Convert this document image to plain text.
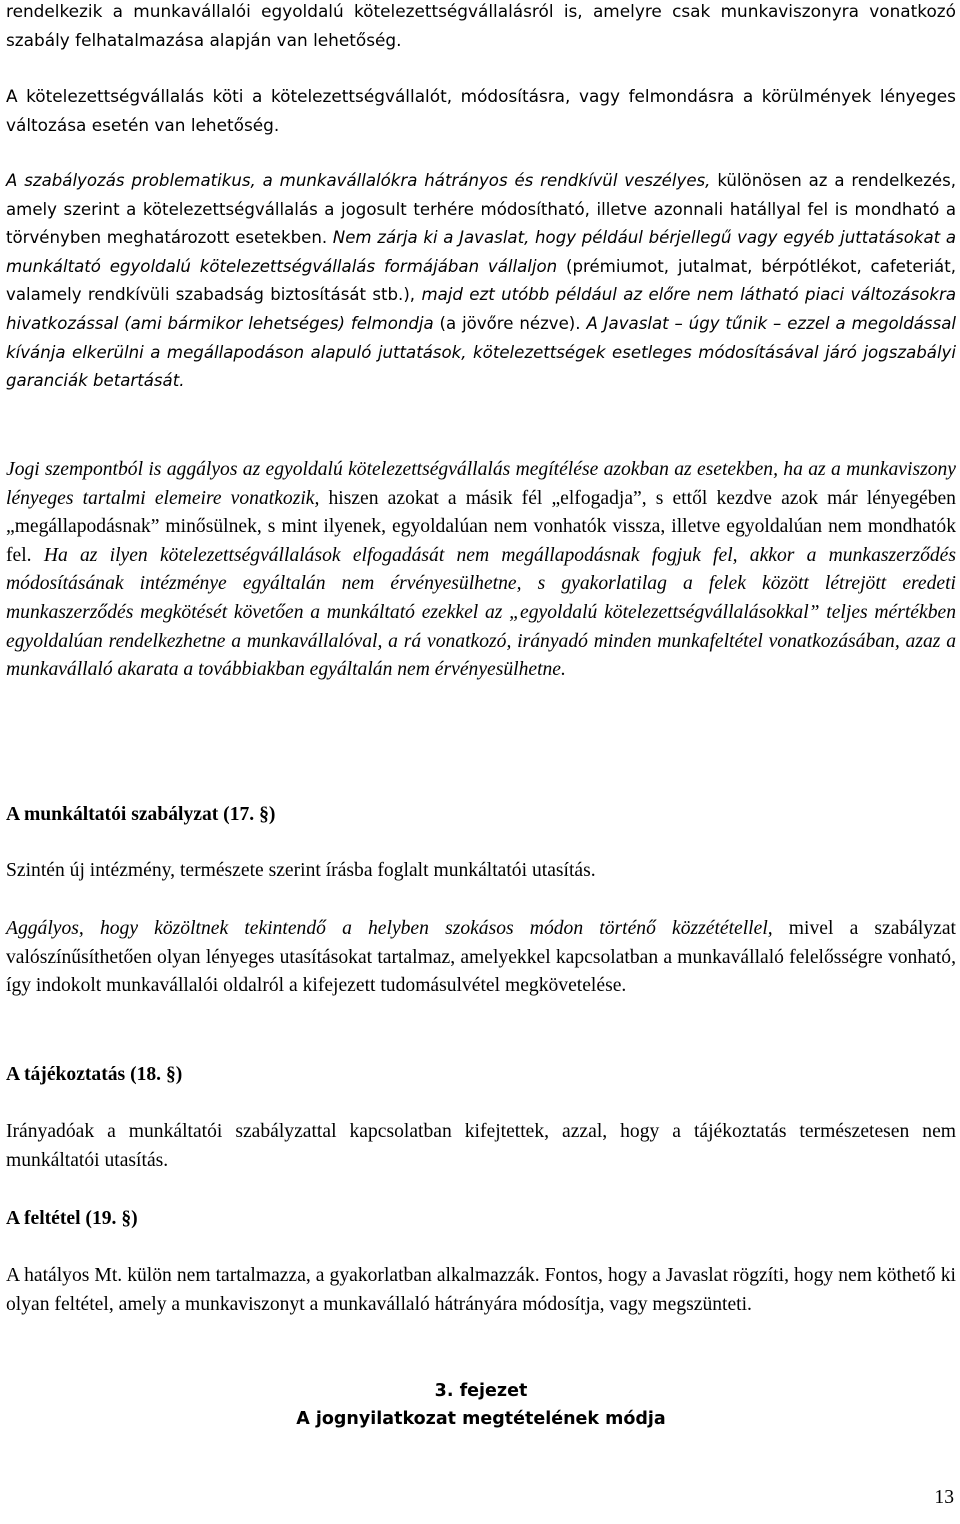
rendelkezik a munkavállalói egyoldalú kötelezettségvállalásról is, amelyre csak munkaviszonyra vonatkozó szabály felhatalmazása alapján van lehetőség.

A kötelezettségvállalás köti a kötelezettségvállalót, módosításra, vagy felmondásra a körülmények lényeges változása esetén van lehetőség.

A szabályozás problematikus, a munkavállalókra hátrányos és rendkívül veszélyes, különösen az a rendelkezés, amely szerint a kötelezettségvállalás a jogosult terhére módosítható, illetve azonnali hatállyal fel is mondható a törvényben meghatározott esetekben. Nem zárja ki a Javaslat, hogy például bérjellegű vagy egyéb juttatásokat a munkáltató egyoldalú kötelezettségvállalás formájában vállaljon (prémiumot, jutalmat, bérpótlékot, cafeteriát, valamely rendkívüli szabadság biztosítását stb.), majd ezt utóbb például az előre nem látható piaci változásokra hivatkozással (ami bármikor lehetséges) felmondja (a jövőre nézve). A Javaslat – úgy tűnik – ezzel a megoldással kívánja elkerülni a megállapodáson alapuló juttatások, kötelezettségek esetleges módosításával járó jogszabályi garanciák betartását.

Jogi szempontból is aggályos az egyoldalú kötelezettségvállalás megítélése azokban az esetekben, ha az a munkaviszony lényeges tartalmi elemeire vonatkozik, hiszen azokat a másik fél „elfogadja”, s ettől kezdve azok már lényegében „megállapodásnak” minősülnek, s mint ilyenek, egyoldalúan nem vonhatók vissza, illetve egyoldalúan nem mondhatók fel. Ha az ilyen kötelezettségvállalások elfogadását nem megállapodásnak fogjuk fel, akkor a munkaszerződés módosításának intézménye egyáltalán nem érvényesülhetne, s gyakorlatilag a felek között létrejött eredeti munkaszerződés megkötését követően a munkáltató ezekkel az „egyoldalú kötelezettségvállalásokkal” teljes mértékben egyoldalúan rendelkezhetne a munkavállalóval, a rá vonatkozó, irányadó minden munkafeltétel vonatkozásában, azaz a munkavállaló akarata a továbbiakban egyáltalán nem érvényesülhetne.

A munkáltatói szabályzat (17. §)

Szintén új intézmény, természete szerint írásba foglalt munkáltatói utasítás.

Aggályos, hogy közöltnek tekintendő a helyben szokásos módon történő közzététellel, mivel a szabályzat valószínűsíthetően olyan lényeges utasításokat tartalmaz, amelyekkel kapcsolatban a munkavállaló felelősségre vonható, így indokolt munkavállalói oldalról a kifejezett tudomásulvétel megkövetelése.

A tájékoztatás (18. §)

Irányadóak a munkáltatói szabályzattal kapcsolatban kifejtettek, azzal, hogy a tájékoztatás természetesen nem munkáltatói utasítás.

A feltétel (19. §)

A hatályos Mt. külön nem tartalmazza, a gyakorlatban alkalmazzák. Fontos, hogy a Javaslat rögzíti, hogy nem köthető ki olyan feltétel, amely a munkaviszonyt a munkavállaló hátrányára módosítja, vagy megszünteti.

3. fejezet
A jognyilatkozat megtételének módja
13
